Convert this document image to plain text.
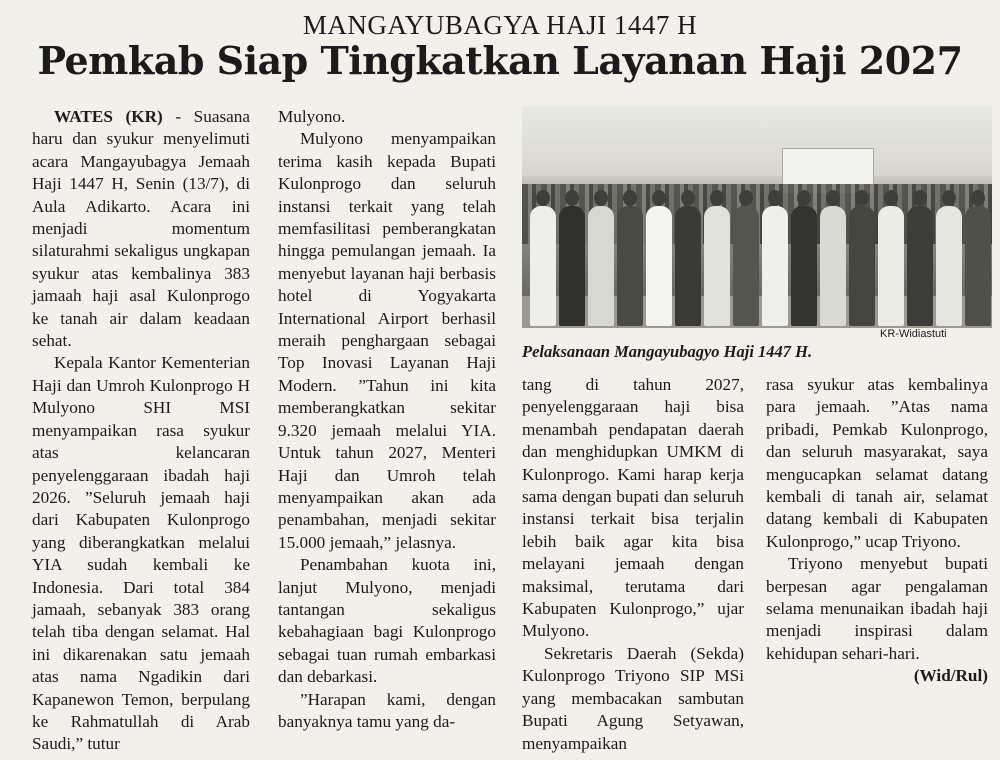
MANGAYUBAGYA HAJI 1447 H
Pemkab Siap Tingkatkan Layanan Haji 2027

WATES (KR) - Suasana haru dan syukur menyelimuti acara Mangayubagya Jemaah Haji 1447 H, Senin (13/7), di Aula Adikarto. Acara ini menjadi momentum silaturahmi sekaligus ungkapan syukur atas kembalinya 383 jamaah haji asal Kulonprogo ke tanah air dalam keadaan sehat.

Kepala Kantor Kementerian Haji dan Umroh Kulonprogo H Mulyono SHI MSI menyampaikan rasa syukur atas kelancaran penyelenggaraan ibadah haji 2026. ”Seluruh jemaah haji dari Kabupaten Kulonprogo yang diberangkatkan melalui YIA sudah kembali ke Indonesia. Dari total 384 jamaah, sebanyak 383 orang telah tiba dengan selamat. Hal ini dikarenakan satu jemaah atas nama Ngadikin dari Kapanewon Temon, berpulang ke Rahmatullah di Arab Saudi,” tutur

Mulyono.

Mulyono menyampaikan terima kasih kepada Bupati Kulonprogo dan seluruh instansi terkait yang telah memfasilitasi pemberangkatan hingga pemulangan jemaah. Ia menyebut layanan haji berbasis hotel di Yogyakarta International Airport berhasil meraih penghargaan sebagai Top Inovasi Layanan Haji Modern. ”Tahun ini kita memberangkatkan sekitar 9.320 jemaah melalui YIA. Untuk tahun 2027, Menteri Haji dan Umroh telah menyampaikan akan ada penambahan, menjadi sekitar 15.000 jemaah,” jelasnya.

Penambahan kuota ini, lanjut Mulyono, menjadi tantangan sekaligus kebahagiaan bagi Kulonprogo sebagai tuan rumah embarkasi dan debarkasi.

”Harapan kami, dengan banyaknya tamu yang da-

KR-Widiastuti
Pelaksanaan Mangayubagyo Haji 1447 H.

tang di tahun 2027, penyelenggaraan haji bisa menambah pendapatan daerah dan menghidupkan UMKM di Kulonprogo. Kami harap kerja sama dengan bupati dan seluruh instansi terkait bisa terjalin lebih baik agar kita bisa melayani jemaah dengan maksimal, terutama dari Kabupaten Kulonprogo,” ujar Mulyono.

Sekretaris Daerah (Sekda) Kulonprogo Triyono SIP MSi yang membacakan sambutan Bupati Agung Setyawan, menyampaikan

rasa syukur atas kembalinya para jemaah. ”Atas nama pribadi, Pemkab Kulonprogo, dan seluruh masyarakat, saya mengucapkan selamat datang kembali di tanah air, selamat datang kembali di Kabupaten Kulonprogo,” ucap Triyono.

Triyono menyebut bupati berpesan agar pengalaman selama menunaikan ibadah haji menjadi inspirasi dalam kehidupan sehari-hari.

(Wid/Rul)
